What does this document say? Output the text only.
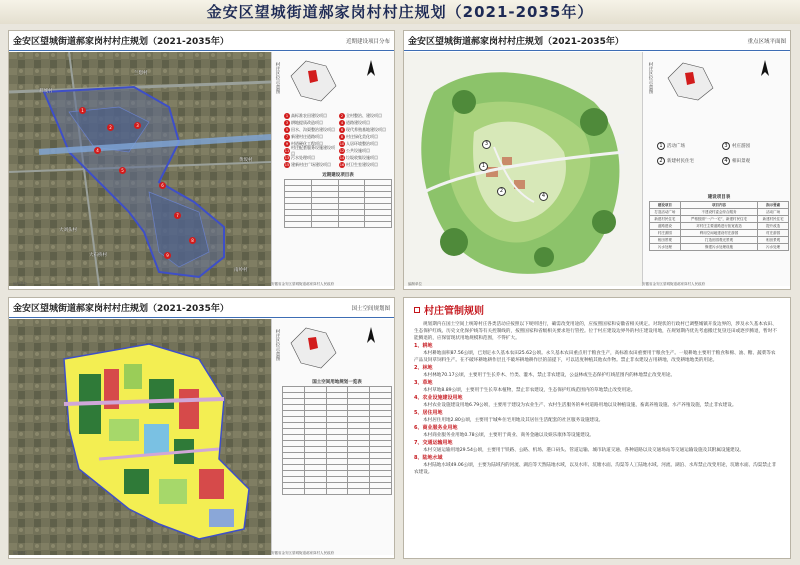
金安区望城街道郝家岗村村庄规划（2021-2035年）
金安区望城街道郝家岗村村庄规划（2021-2035年）	近期建设项目分布
1
2	3
4
5
6
7
8
9
兰想村
郝城村
大刘头村
大石桥村
黄坂村
南岭村
村庄区位示意图
1 高标准农田建设项目	2 全村整治、建设项目
3 耕地提质改造项目	4 道路建设项目
5 田水、沟渠整治建设项目	6 现代养殖基地建设项目
7 新建村庄道路项目	8 村庄绿化美化项目
9 村道硬化工程项目	10 人居环境整治项目
11
村庄配套服务设施建设项目	12 公共设施项目
13 污水处理项目	14 垃圾收集设施项目
15 建新村庄广场建设项目	16 村卫生室建设项目
近期建设项目表

编制单位	安徽省金安区望城街道郝家岗村人民政府
金安区望城街道郝家岗村村庄规划（2021-2035年）	重点区域平面图
1
2
3
4
村庄区位示意图
1 活动广场	3 村庄游园
2 新建村民住宅	4 相田景观
建设项目表
建设项目	项目内容	指示要素
打造活动广场	不建设村委会综合服务	活动广场
新建村民住宅	严格按照“一户一宅”，新建村民住宅	新建村民住宅
道路建设	对村庄主要道路进行拓宽改造	提升改造
村庄游园	利用空闲地建设村庄游园	村庄游园
相田景观	打造田园观光景观	相田景观
污水处理	修建污水处理设施	污水处理
编制单位	安徽省金安区望城街道郝家岗村人民政府
金安区望城街道郝家岗村村庄规划（2021-2035年）	国土空间规划图
村庄区位示意图
国土空间用地规划一览表

编制单位	安徽省金安区望城街道郝家岗村人民政府
村庄管制规则
规划期内在国土空间上统筹村庄各类活动应按照以下规则进行，确需改变用途的，应按照国家和安徽省相关规定。对现状的行政村已调整城镇开发边界的，涉及永久基本农田、生态保护红线、历史文化保护线等有关控制线的，按照国家和省级相关要求进行管控。位于村庄建设边界外的村庄建设用地，在规划期内优先考虑搬迁复垦还田或逐步腾退，暂时不能腾退的，应保留现状用地规模和范围，不得扩大。
1、耕地
本村耕地面积87.56公顷，已划定永久基本农田25.62公顷。永久基本农田重点用于粮食生产，高标准农田重要用于粮食生产。一般耕地主要用于粮食和棉、油、糖、蔬菜等农产品及饲草饲料生产。在不破坏耕地耕作层且不破坏耕地耕作层的前提下，可以适度种植其他农作物。禁止非农建设占用耕地，改变耕地地类的用途。
2、林地
本村林地70.17公顷，主要用于生长乔木、竹类、灌木，禁止非农建设，公益林或生态保护红线范围内的林地禁止改变用途。
3、草地
本村草地8.89公顷，主要用于生长草本植物，禁止非农建设，生态保护红线范围内的草地禁止改变用途。
4、农业设施建设用地
本村农业设施建设用地6.79公顷，主要用于建设为农业生产、农村生活服务的乡村道路用地以及种植设施、畜禽养殖设施、水产养殖设施，禁止非农建设。
5、居住用地
本村居住用地2.80公顷，主要用于城乡住宅用地及其居住生活配套的社区服务设施建设。
6、商业服务业用地
本村商业服务业用地0.78公顷，主要用于商业、商务金融以及娱乐康体等设施建设。
7、交通运输用地
本村交通运输用地29.54公顷，主要用于铁路、公路、机场、港口码头、管道运输、城市轨道交通、各种道路以及交通场站等交通运输设施及其附属设施建设。
8、陆地水域
本村陆地水域49.06公顷，主要为陆域内的河流、湖泊等天然陆地水域，以及水库、坑塘水面、沟渠等人工陆地水域。河流、湖泊、水库禁止改变用途，坑塘水面、沟渠禁止非农建设。
